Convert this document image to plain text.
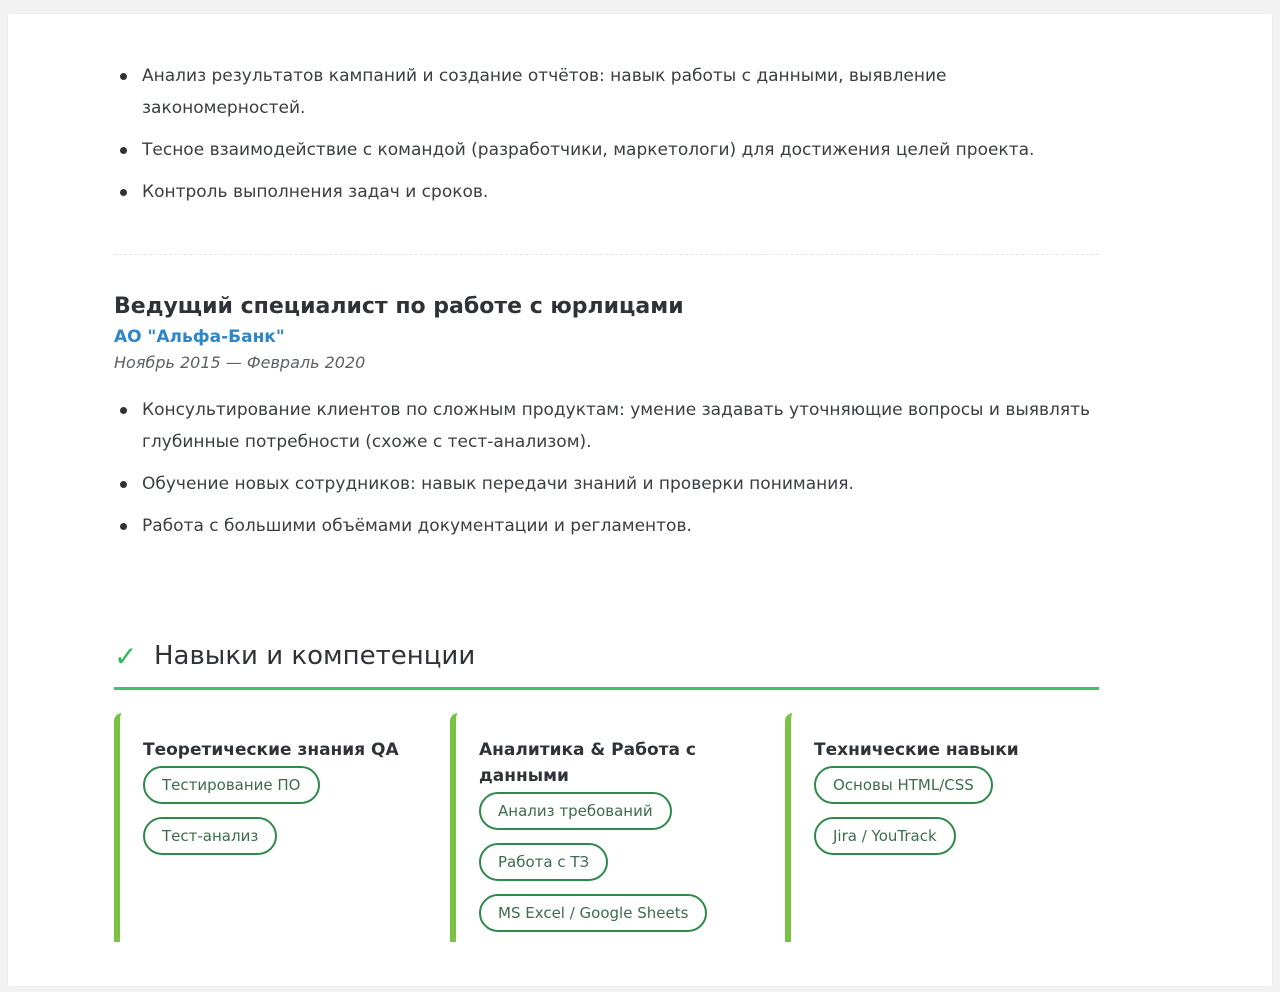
Анализ результатов кампаний и создание отчётов: навык работы с данными, выявление закономерностей.
Тесное взаимодействие с командой (разработчики, маркетологи) для достижения целей проекта.
Контроль выполнения задач и сроков.
Ведущий специалист по работе с юрлицами
АО "Альфа-Банк"
Ноябрь 2015 — Февраль 2020
Консультирование клиентов по сложным продуктам: умение задавать уточняющие вопросы и выявлять глубинные потребности (схоже с тест-анализом).
Обучение новых сотрудников: навык передачи знаний и проверки понимания.
Работа с большими объёмами документации и регламентов.
✓ Навыки и компетенции
Теоретические знания QA
Тестирование ПО
Тест-анализ
Аналитика & Работа с данными
Анализ требований
Работа с ТЗ
MS Excel / Google Sheets
Технические навыки
Основы HTML/CSS
Jira / YouTrack
